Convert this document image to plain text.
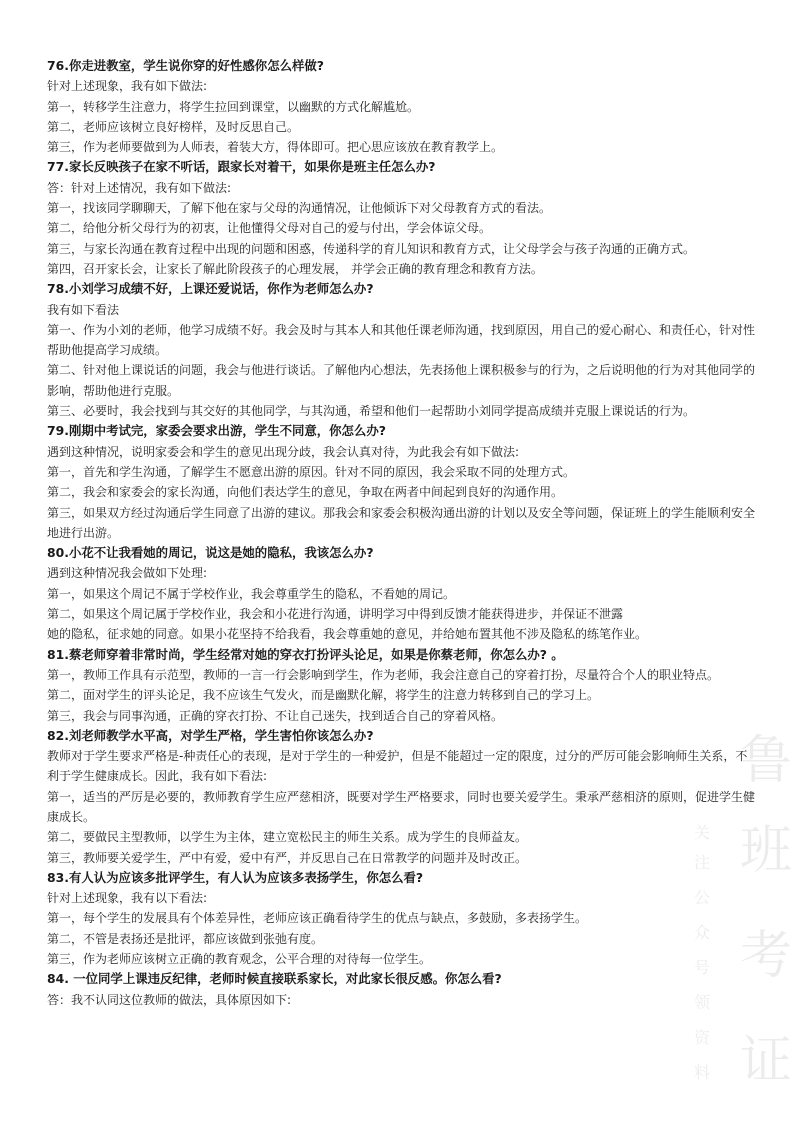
76.你走进教室，学生说你穿的好性感你怎么样做?

针对上述现象，我有如下做法:

第一，转移学生注意力，将学生拉回到课堂，以幽默的方式化解尴尬。

第二，老师应该树立良好榜样，及时反思自己。

第三，作为老师要做到为人师表，着装大方，得体即可。把心思应该放在教育教学上。

77.家长反映孩子在家不听话，跟家长对着干，如果你是班主任怎么办?

答：针对上述情况，我有如下做法:

第一，找该同学聊聊天，了解下他在家与父母的沟通情况，让他倾诉下对父母教育方式的看法。

第二，给他分析父母行为的初衷，让他懂得父母对自己的爱与付出，学会体谅父母。

第三，与家长沟通在教育过程中出现的问题和困惑，传递科学的育儿知识和教育方式，让父母学会与孩子沟通的正确方式。

第四，召开家长会，让家长了解此阶段孩子的心理发展， 并学会正确的教育理念和教育方法。

78.小刘学习成绩不好，上课还爱说话，你作为老师怎么办?

我有如下看法

第一、作为小刘的老师，他学习成绩不好。我会及时与其本人和其他任课老师沟通，找到原因，用自己的爱心耐心、和责任心，针对性帮助他提高学习成绩。

第二、针对他上课说话的问题，我会与他进行谈话。了解他内心想法，先表扬他上课积极参与的行为，之后说明他的行为对其他同学的影响，帮助他进行克服。

第三、必要时，我会找到与其交好的其他同学，与其沟通，希望和他们一起帮助小刘同学提高成绩并克服上课说话的行为。

79.刚期中考试完，家委会要求出游，学生不同意，你怎么办?

遇到这种情况，说明家委会和学生的意见出现分歧，我会认真对待，为此我会有如下做法:

第一，首先和学生沟通，了解学生不愿意出游的原因。针对不同的原因，我会采取不同的处理方式。

第二，我会和家委会的家长沟通，向他们表达学生的意见，争取在两者中间起到良好的沟通作用。

第三，如果双方经过沟通后学生同意了出游的建议。那我会和家委会积极沟通出游的计划以及安全等问题，保证班上的学生能顺利安全地进行出游。

80.小花不让我看她的周记，说这是她的隐私，我该怎么办?

遇到这种情况我会做如下处理:

第一，如果这个周记不属于学校作业，我会尊重学生的隐私，不看她的周记。

第二，如果这个周记属于学校作业，我会和小花进行沟通，讲明学习中得到反馈才能获得进步，并保证不泄露

她的隐私，征求她的同意。如果小花坚持不给我看，我会尊重她的意见，并给她布置其他不涉及隐私的练笔作业。

81.蔡老师穿着非常时尚，学生经常对她的穿衣打扮评头论足，如果是你蔡老师，你怎么办? 。

第一，教师工作具有示范型，教师的一言一行会影响到学生，作为老师，我会注意自己的穿着打扮，尽量符合个人的职业特点。

第二，面对学生的评头论足，我不应该生气发火，而是幽默化解，将学生的注意力转移到自己的学习上。

第三，我会与同事沟通，正确的穿衣打扮、不让自己迷失，找到适合自己的穿着风格。

82.刘老师教学水平高，对学生严格，学生害怕你该怎么办?

教师对于学生要求严格是-种责任心的表现，是对于学生的一种爱护，但是不能超过一定的限度，过分的严厉可能会影响师生关系，不利于学生健康成长。因此，我有如下看法:

第一，适当的严厉是必要的，教师教育学生应严慈相济，既要对学生严格要求，同时也要关爱学生。秉承严慈相济的原则，促进学生健康成长。

第二，要做民主型教师，以学生为主体，建立宽松民主的师生关系。成为学生的良师益友。

第三，教师要关爱学生，严中有爱，爱中有严，并反思自己在日常教学的问题并及时改正。

83.有人认为应该多批评学生，有人认为应该多表扬学生，你怎么看?

针对上述现象，我有以下看法:

第一，每个学生的发展具有个体差异性，老师应该正确看待学生的优点与缺点，多鼓励，多表扬学生。

第二，不管是表扬还是批评，都应该做到张弛有度。

第三，作为老师应该树立正确的教育观念，公平合理的对待每一位学生。

84. 一位同学上课违反纪律，老师时候直接联系家长，对此家长很反感。你怎么看?

答：我不认同这位教师的做法，具体原因如下:

鲁
班
考
证
关
注
公
众
号
领
资
料
